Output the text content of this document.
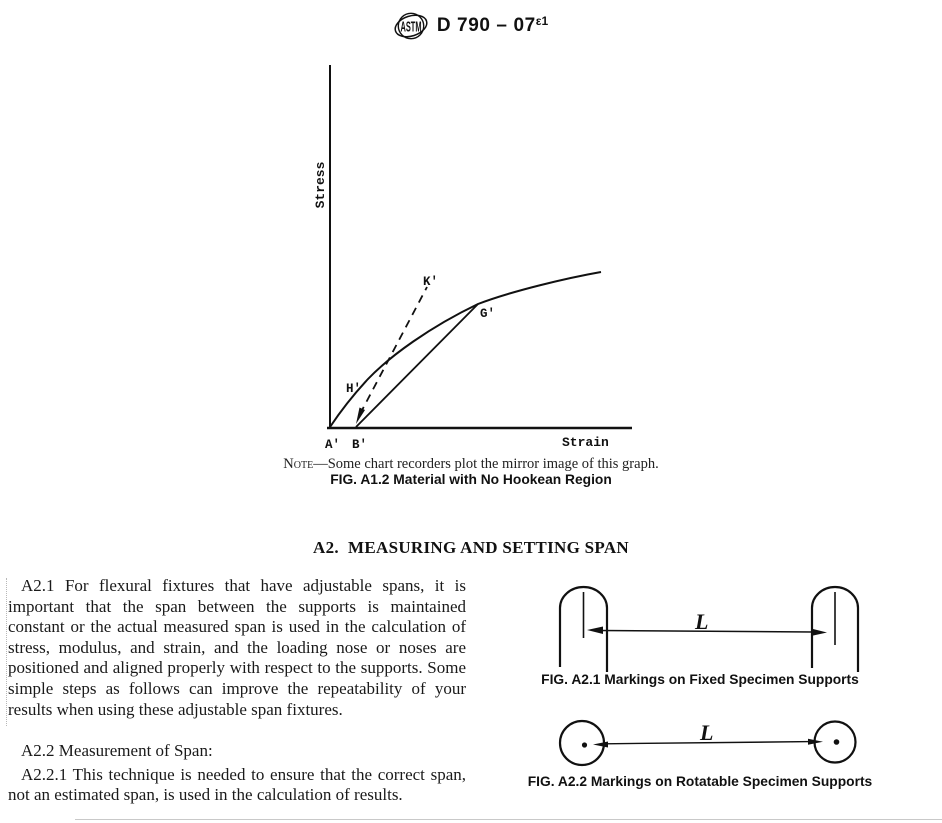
ASTM D $790 - 07^{\varepsilon 1}$
Stress
Strain
A' B'
H'
G'
K'
Note—Some chart recorders plot the mirror image of this graph.
FIG. A1.2 Material with No Hookean Region
A2.  MEASURING AND SETTING SPAN

A2.1 For flexural fixtures that have adjustable spans, it is important that the span between the supports is maintained constant or the actual measured span is used in the calculation of stress, modulus, and strain, and the loading nose or noses are positioned and aligned properly with respect to the supports. Some simple steps as follows can improve the repeatability of your results when using these adjustable span fixtures.

A2.2 Measurement of Span:

A2.2.1 This technique is needed to ensure that the correct span, not an estimated span, is used in the calculation of results.

L
FIG. A2.1 Markings on Fixed Specimen Supports
L
FIG. A2.2 Markings on Rotatable Specimen Supports
